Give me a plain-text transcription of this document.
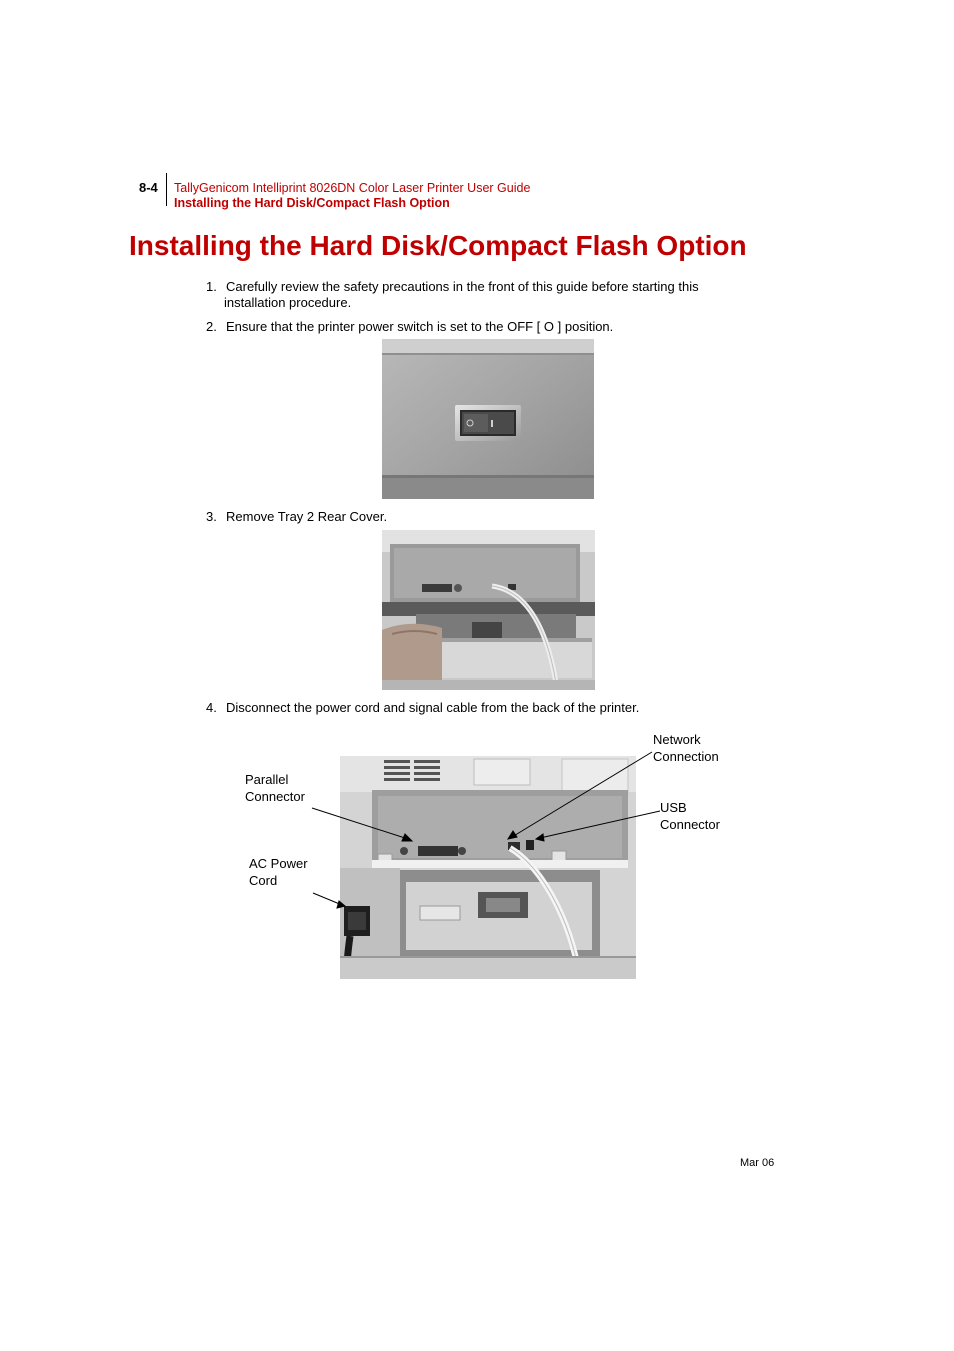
8-4 TallyGenicom Intelliprint 8026DN Color Laser Printer User Guide
Installing the Hard Disk/Compact Flash Option
Installing the Hard Disk/Compact Flash Option
1. Carefully review the safety precautions in the front of this guide before starting this
installation procedure.
2. Ensure that the printer power switch is set to the OFF [ O ] position.
3. Remove Tray 2 Rear Cover.
4. Disconnect the power cord and signal cable from the back of the printer.
Network
Connection
Parallel
Connector
USB
Connector
AC Power
Cord
Mar 06
